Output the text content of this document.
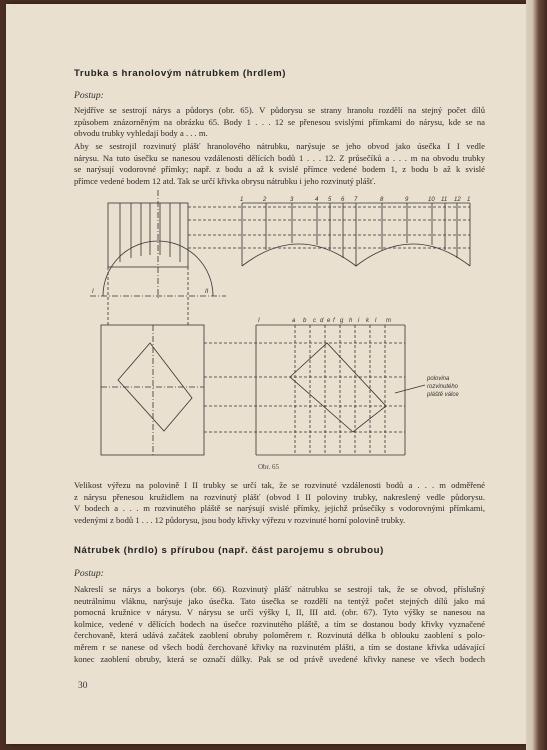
Trubka s hranolovým nátrubkem (hrdlem)
Postup:
Nejdříve se sestrojí nárys a půdorys (obr. 65). V půdorysu se strany hranolu rozdělí na stejný počet dílů
způsobem znázorněným na obrázku 65. Body 1 . . . 12 se přenesou svislými přímkami do nárysu, kde se na
obvodu trubky vyhledají body a . . . m.
Aby se sestrojil rozvinutý plášť hranolového nátrubku, narýsuje se jeho obvod jako úsečka I I vedle
nárysu. Na tuto úsečku se nanesou vzdálenosti dělících bodů 1 . . . 12. Z průsečíků a . . . m na obvodu trubky
se narýsují vodorovné přímky; např. z bodu a až k svislé přímce vedené bodem 1, z bodu b až k svislé
přímce vedené bodem 12 atd. Tak se určí křivka obrysu nátrubku i jeho rozvinutý plášť.
1	2	3	4 5 6 7	8	9	10 11 12 1
I	a b c d e f g h i k l m
I	II
polovina
rozvinutého
pláště válce
Obr. 65
Velikost výřezu na polovině I II trubky se určí tak, že se rozvinuté vzdálenosti bodů a . . . m odměřené
z nárysu přenesou kružidlem na rozvinutý plášť (obvod I II poloviny trubky, nakreslený vedle půdorysu.
V bodech a . . . m rozvinutého pláště se narýsují svislé přímky, jejichž průsečíky s vodorovnými přímkami,
vedenými z bodů 1 . . . 12 půdorysu, jsou body křivky výřezu v rozvinuté horní polovině trubky.
Nátrubek (hrdlo) s přírubou (např. část parojemu s obrubou)
Postup:
Nakreslí se nárys a bokorys (obr. 66). Rozvinutý plášť nátrubku se sestrojí tak, že se obvod, příslušný
neutrálnímu vláknu, narýsuje jako úsečka. Tato úsečka se rozdělí na tentýž počet stejných dílů jako má
pomocná kružnice v nárysu. V nárysu se určí výšky I, II, III atd. (obr. 67). Tyto výšky se nanesou na
kolmice, vedené v dělících bodech na úsečce rozvinutého pláště, a tím se dostanou body křivky vyznačené
čerchovaně, která udává začátek zaoblení obruby poloměrem r. Rozvinutá délka b oblouku zaoblení s polo-
měrem r se nanese od všech bodů čerchované křivky na rozvinutém plášti, a tím se dostane křivka udávající
konec zaoblení obruby, která se označí důlky. Pak se od právě uvedené křivky nanese ve všech bodech
30
